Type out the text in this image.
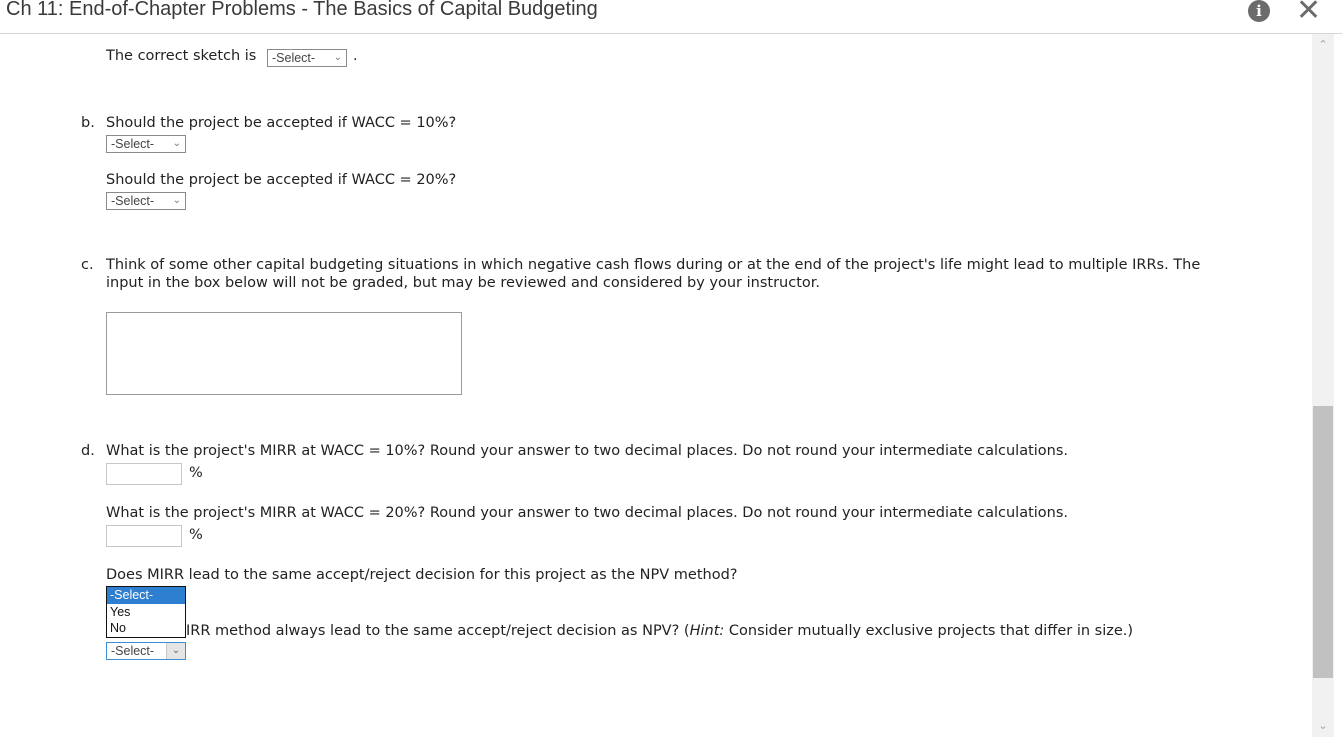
Ch 11: End-of-Chapter Problems - The Basics of Capital Budgeting	i ✕
⌃
⌄
The correct sketch is	-Select- ⌄ .
b. Should the project be accepted if WACC = 10%?
-Select- ⌄
Should the project be accepted if WACC = 20%?
-Select- ⌄
c. Think of some other capital budgeting situations in which negative cash flows during or at the end of the project's life might lead to multiple IRRs. The
input in the box below will not be graded, but may be reviewed and considered by your instructor.
d. What is the project's MIRR at WACC = 10%? Round your answer to two decimal places. Do not round your intermediate calculations.
%
What is the project's MIRR at WACC = 20%? Round your answer to two decimal places. Do not round your intermediate calculations.
%
Does MIRR lead to the same accept/reject decision for this project as the NPV method?
-Select-
Yes
No	IRR method always lead to the same accept/reject decision as NPV? (Hint: Consider mutually exclusive projects that differ in size.)
-Select-	⌄
